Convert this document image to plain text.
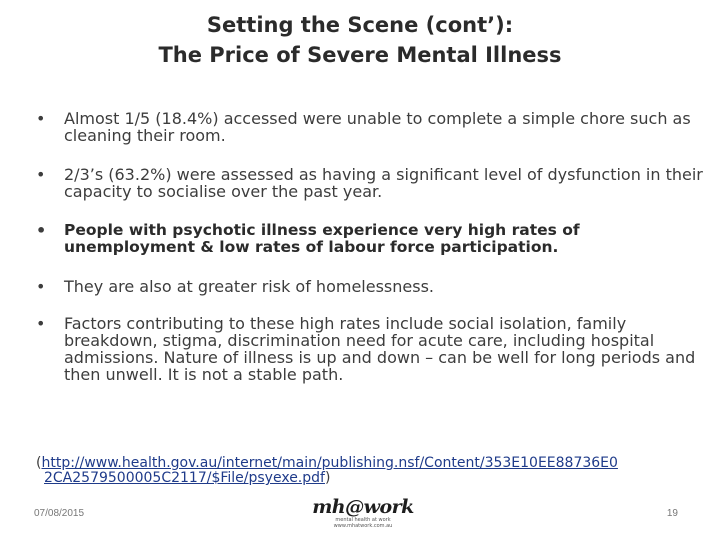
Setting the Scene (cont’):
The Price of Severe Mental Illness
• Almost 1/5 (18.4%) accessed were unable to complete a simple chore such as cleaning their room.
• 2/3’s (63.2%) were assessed as having a significant level of dysfunction in their capacity to socialise over the past year.
• People with psychotic illness experience very high rates of unemployment & low rates of labour force participation.
• They are also at greater risk of homelessness.
• Factors contributing to these high rates include social isolation, family breakdown, stigma, discrimination need for acute care, including hospital admissions. Nature of illness is up and down – can be well for long periods and then unwell. It is not a stable path.
(http://www.health.gov.au/internet/main/publishing.nsf/Content/353E10EE88736E0
2CA2579500005C2117/$File/psyexe.pdf)
07/08/2015	mh@work
mental health at work
www.mhatwork.com.au
19
